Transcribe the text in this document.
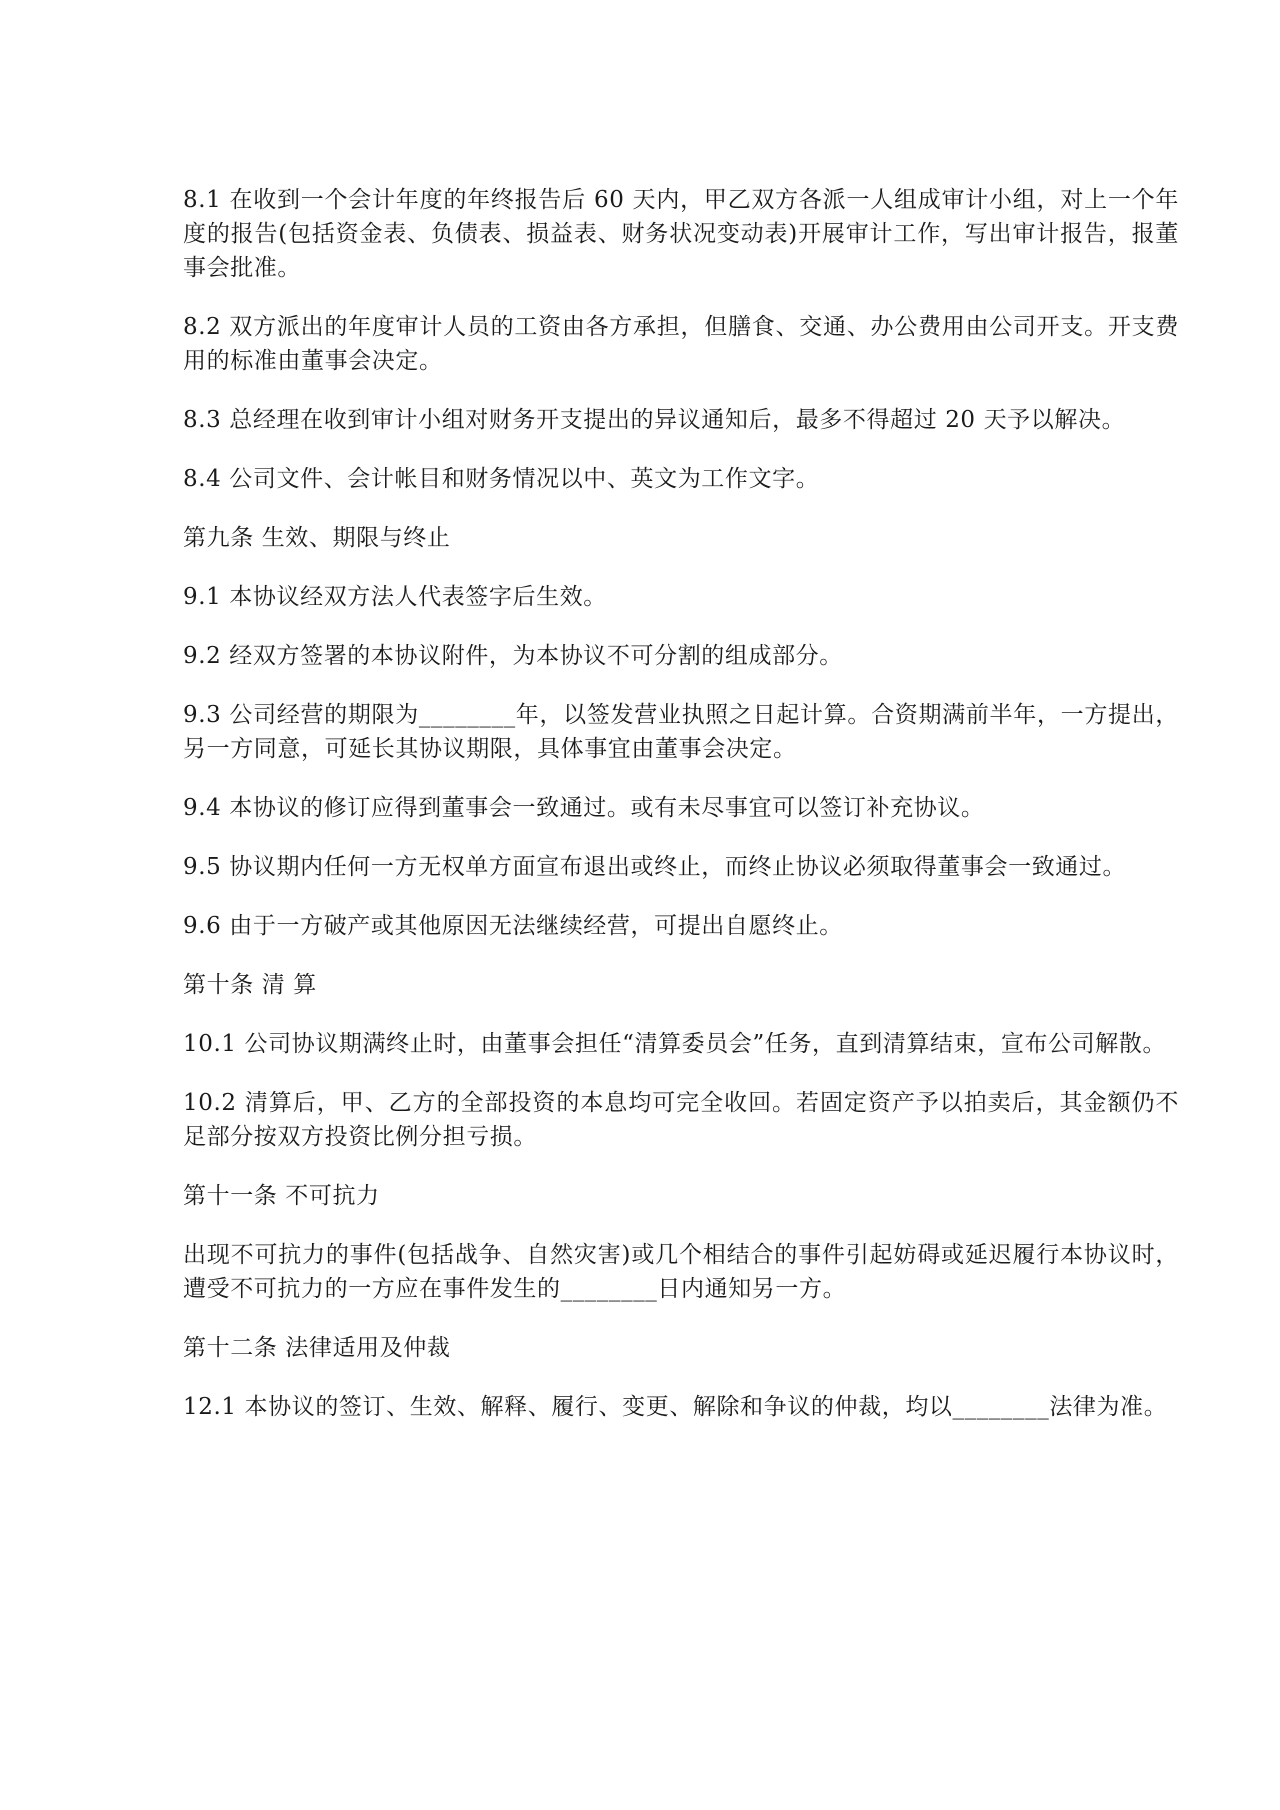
8.1 在收到一个会计年度的年终报告后 60 天内，甲乙双方各派一人组成审计小组，对上一个年度的报告(包括资金表、负债表、损益表、财务状况变动表)开展审计工作，写出审计报告，报董事会批准。

8.2 双方派出的年度审计人员的工资由各方承担，但膳食、交通、办公费用由公司开支。开支费用的标准由董事会决定。

8.3 总经理在收到审计小组对财务开支提出的异议通知后，最多不得超过 20 天予以解决。

8.4 公司文件、会计帐目和财务情况以中、英文为工作文字。

第九条 生效、期限与终止

9.1 本协议经双方法人代表签字后生效。

9.2 经双方签署的本协议附件，为本协议不可分割的组成部分。

9.3 公司经营的期限为________年，以签发营业执照之日起计算。合资期满前半年，一方提出，另一方同意，可延长其协议期限，具体事宜由董事会决定。

9.4 本协议的修订应得到董事会一致通过。或有未尽事宜可以签订补充协议。

9.5 协议期内任何一方无权单方面宣布退出或终止，而终止协议必须取得董事会一致通过。

9.6 由于一方破产或其他原因无法继续经营，可提出自愿终止。

第十条 清 算

10.1 公司协议期满终止时，由董事会担任“清算委员会”任务，直到清算结束，宣布公司解散。

10.2 清算后，甲、乙方的全部投资的本息均可完全收回。若固定资产予以拍卖后，其金额仍不足部分按双方投资比例分担亏损。

第十一条 不可抗力

出现不可抗力的事件(包括战争、自然灾害)或几个相结合的事件引起妨碍或延迟履行本协议时，遭受不可抗力的一方应在事件发生的________日内通知另一方。

第十二条 法律适用及仲裁

12.1 本协议的签订、生效、解释、履行、变更、解除和争议的仲裁，均以________法律为准。
